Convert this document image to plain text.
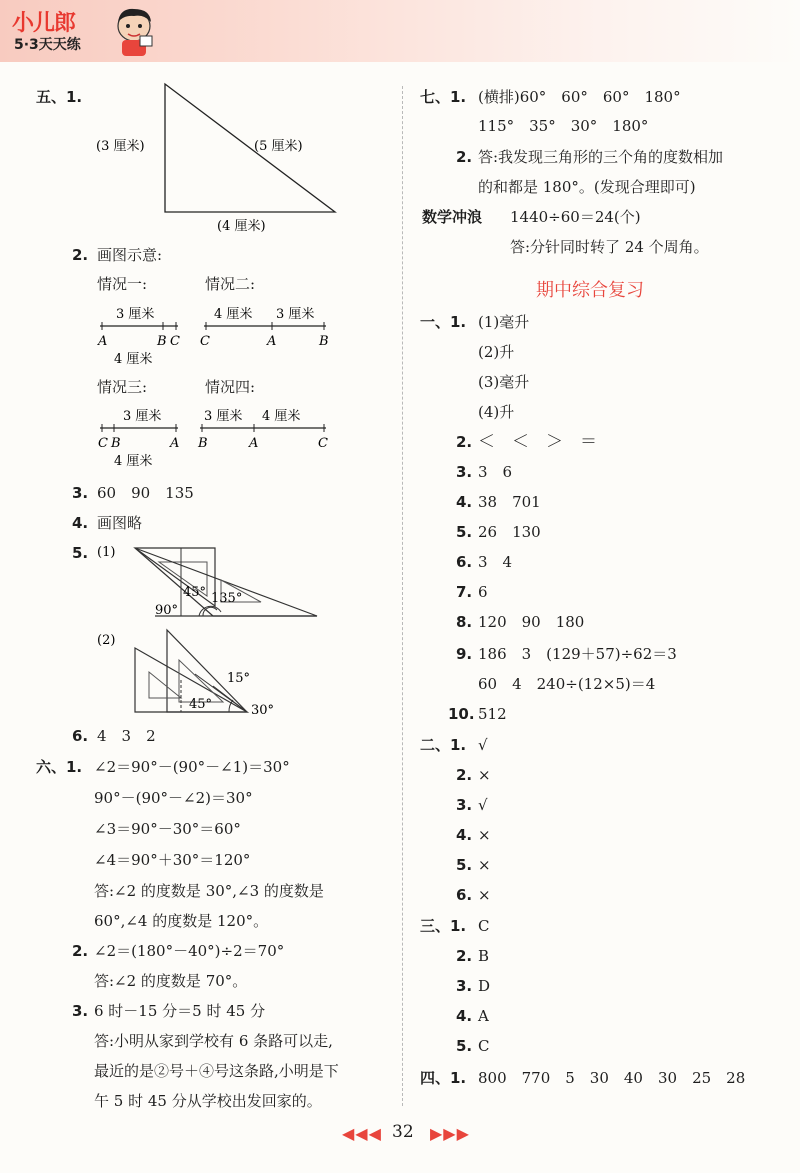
小儿郎
5·3天天练
五、1.
(3 厘米)	(5 厘米)
(4 厘米)
2. 画图示意:
情况一:	情况二:
3 厘米
A	B C
4 厘米
4 厘米 3 厘米
C	A	B
情况三:	情况四:
3 厘米
C B	A
4 厘米
3 厘米 4 厘米
B	A	C
3. 60　90　135
4. 画图略
5. (1)
45° 135°
90°
(2)
15°
45°	30°
6. 4　3　2
六、1. ∠2＝90°－(90°－∠1)＝30°
90°－(90°－∠2)＝30°
∠3＝90°－30°＝60°
∠4＝90°＋30°＝120°
答:∠2 的度数是 30°,∠3 的度数是
60°,∠4 的度数是 120°。
2. ∠2＝(180°－40°)÷2＝70°
答:∠2 的度数是 70°。
3. 6 时－15 分＝5 时 45 分
答:小明从家到学校有 6 条路可以走,
最近的是②号＋④号这条路,小明是下
午 5 时 45 分从学校出发回家的。
七、1. (横排)60°　60°　60°　180°
115°　35°　30°　180°
2. 答:我发现三角形的三个角的度数相加
的和都是 180°。(发现合理即可)
数学冲浪 1440÷60＝24(个)
答:分针同时转了 24 个周角。
期中综合复习
一、1. (1)毫升
(2)升
(3)毫升
(4)升
2. ＜　＜　＞　＝
3. 3　6
4. 38　701
5. 26　130
6. 3　4
7. 6
8. 120　90　180
9. 186　3　(129＋57)÷62＝3
60　4　240÷(12×5)＝4
10. 512
二、1. √
2. ×
3. √
4. ×
5. ×
6. ×
三、1. C
2. B
3. D
4. A
5. C
四、1. 800　770　5　30　40　30　25　28
◀◀◀ 32 ▶▶▶
